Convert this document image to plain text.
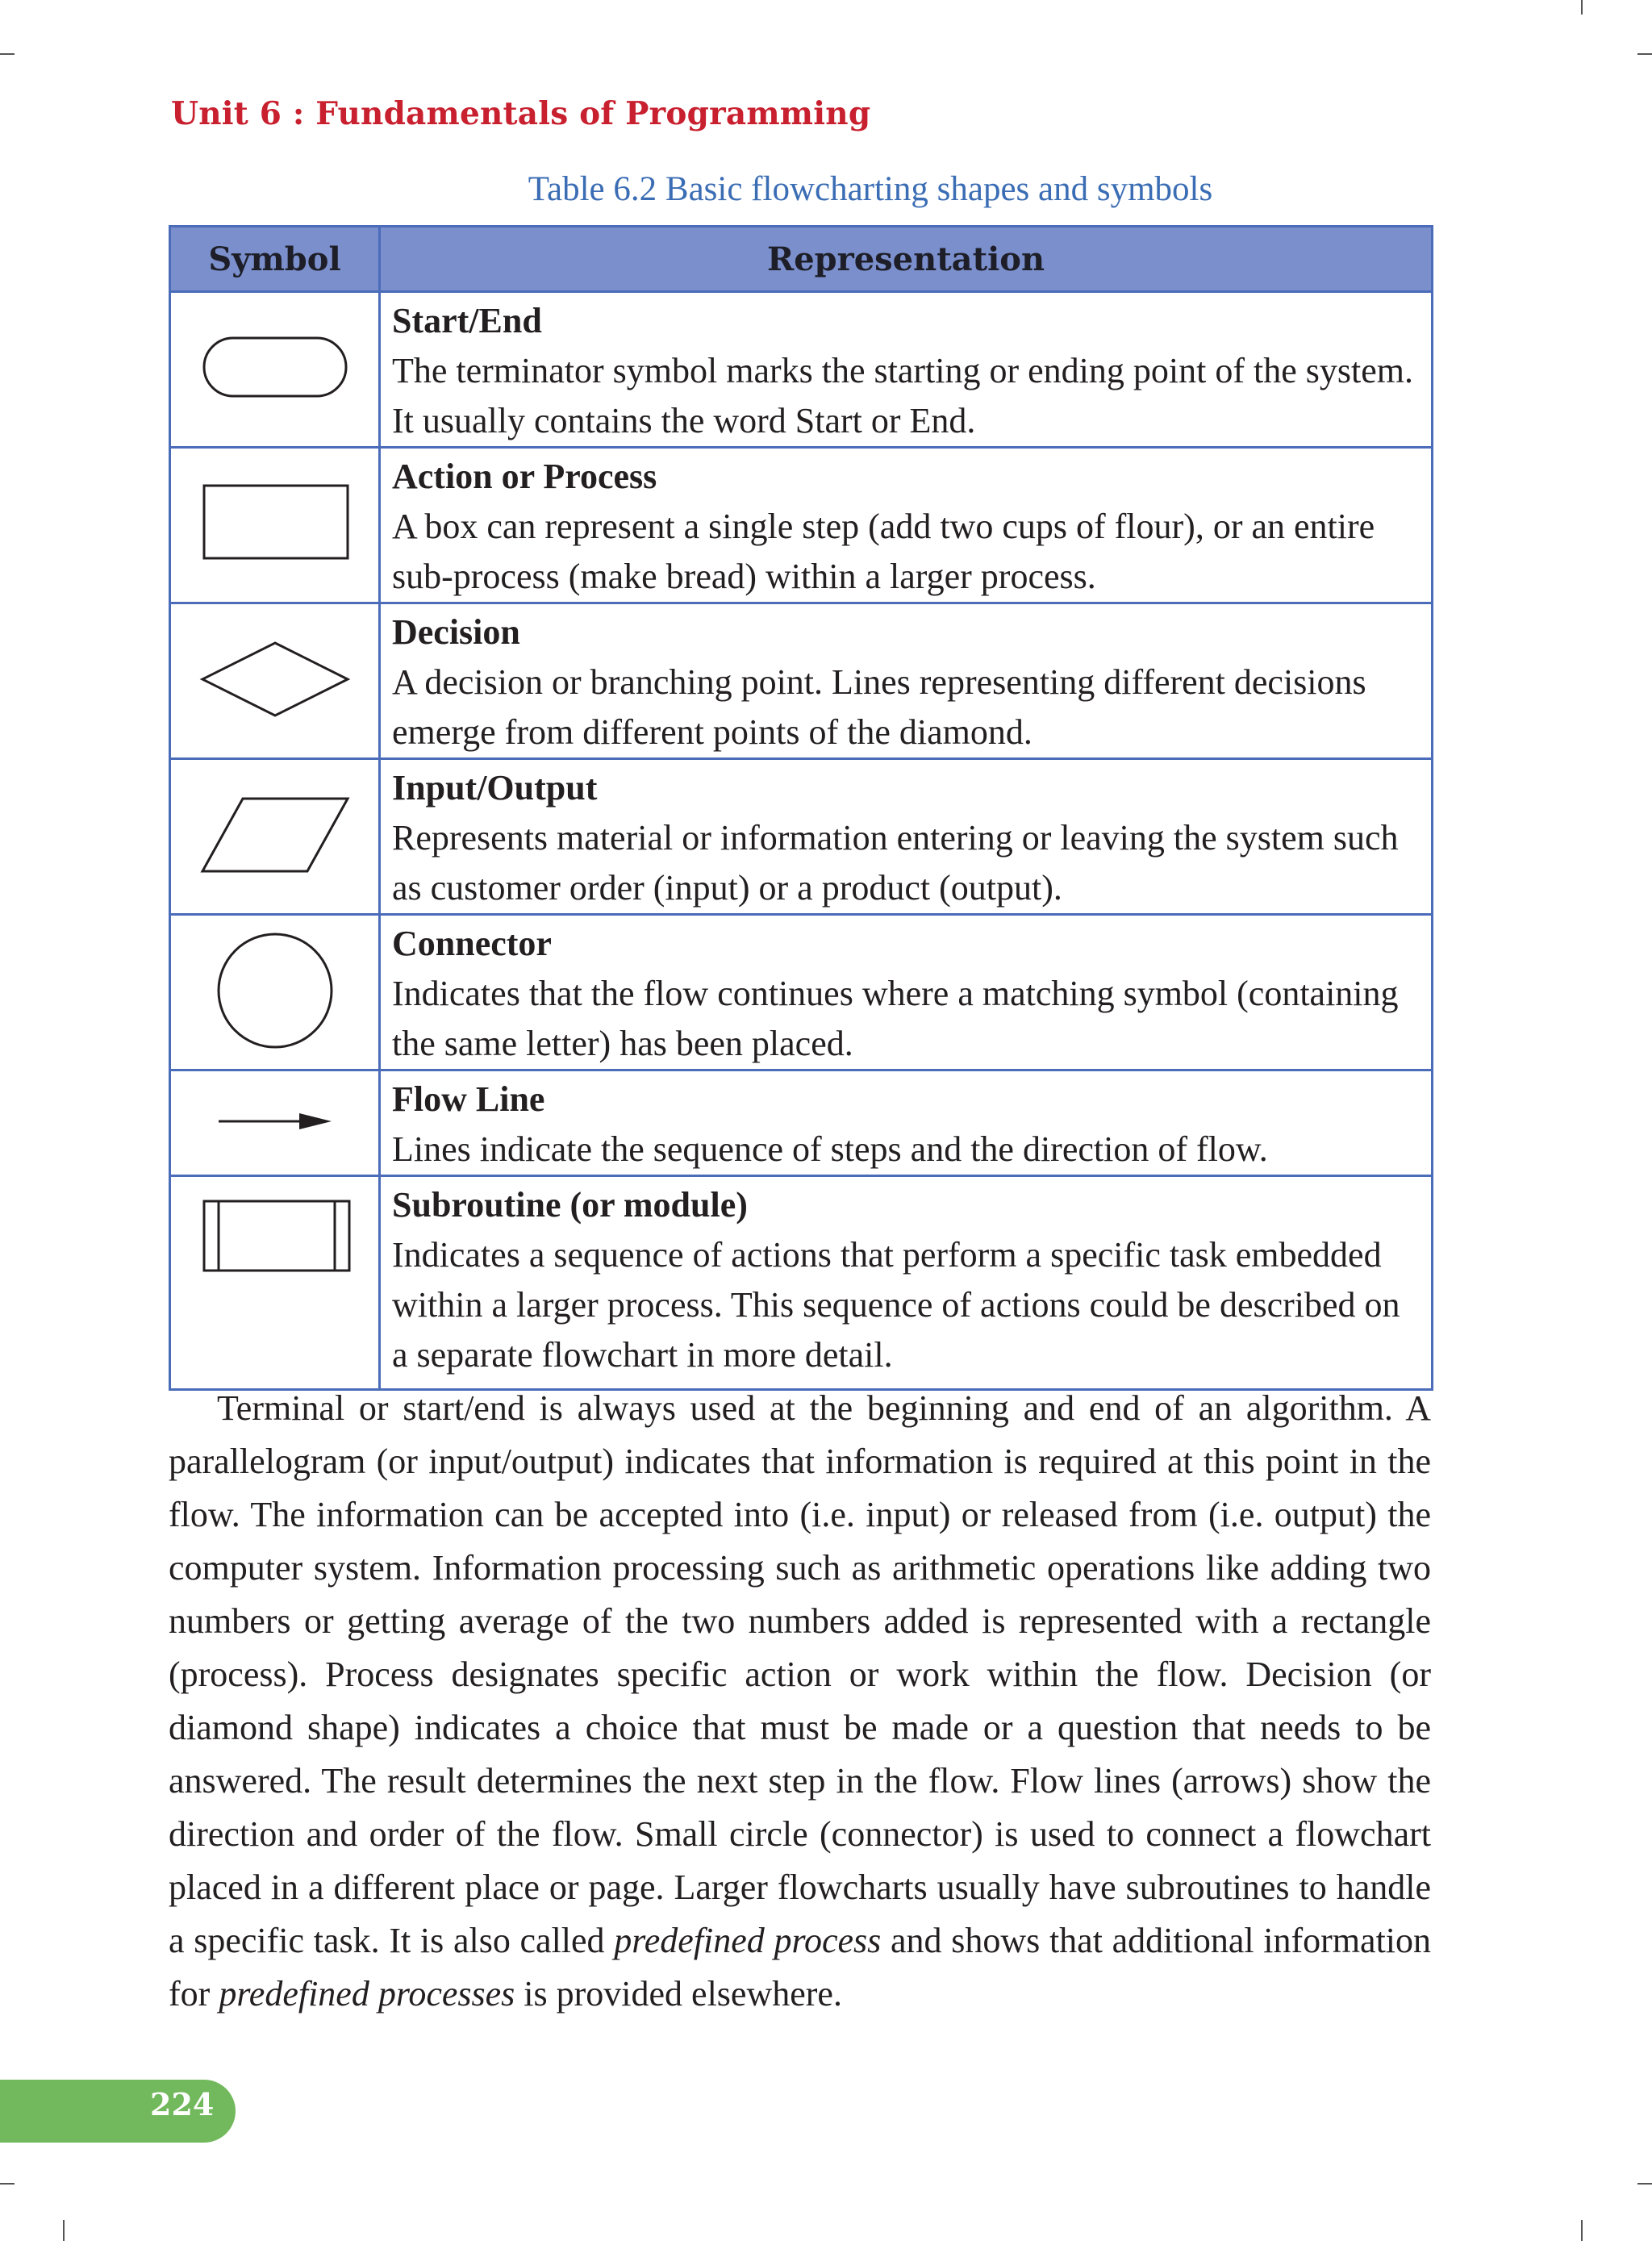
Unit 6 : Fundamentals of Programming
Table 6.2 Basic flowcharting shapes and symbols
Symbol	Representation

Start/End
The terminator symbol marks the starting or ending point of the system. It usually contains the word Start or End.

Action or Process
A box can represent a single step (add two cups of flour), or an entire sub-process (make bread) within a larger process.

Decision
A decision or branching point. Lines representing different decisions emerge from different points of the diamond.

Input/Output
Represents material or information entering or leaving the system such as customer order (input) or a product (output).

Connector
Indicates that the flow continues where a matching symbol (containing the same letter) has been placed.

Flow Line
Lines indicate the sequence of steps and the direction of flow.

Subroutine (or module)
Indicates a sequence of actions that perform a specific task embedded within a larger process. This sequence of actions could be described on a separate flowchart in more detail.

Terminal or start/end is always used at the beginning and end of an algorithm. A parallelogram (or input/output) indicates that information is required at this point in the flow. The information can be accepted into (i.e. input) or released from (i.e. output) the computer system. Information processing such as arithmetic operations like adding two numbers or getting average of the two numbers added is represented with a rectangle (process). Process designates specific action or work within the flow. Decision (or diamond shape) indicates a choice that must be made or a question that needs to be answered. The result determines the next step in the flow. Flow lines (arrows) show the direction and order of the flow. Small circle (connector) is used to connect a flowchart placed in a different place or page. Larger flowcharts usually have subroutines to handle a specific task. It is also called predefined process and shows that additional information for predefined processes is provided elsewhere.

224
